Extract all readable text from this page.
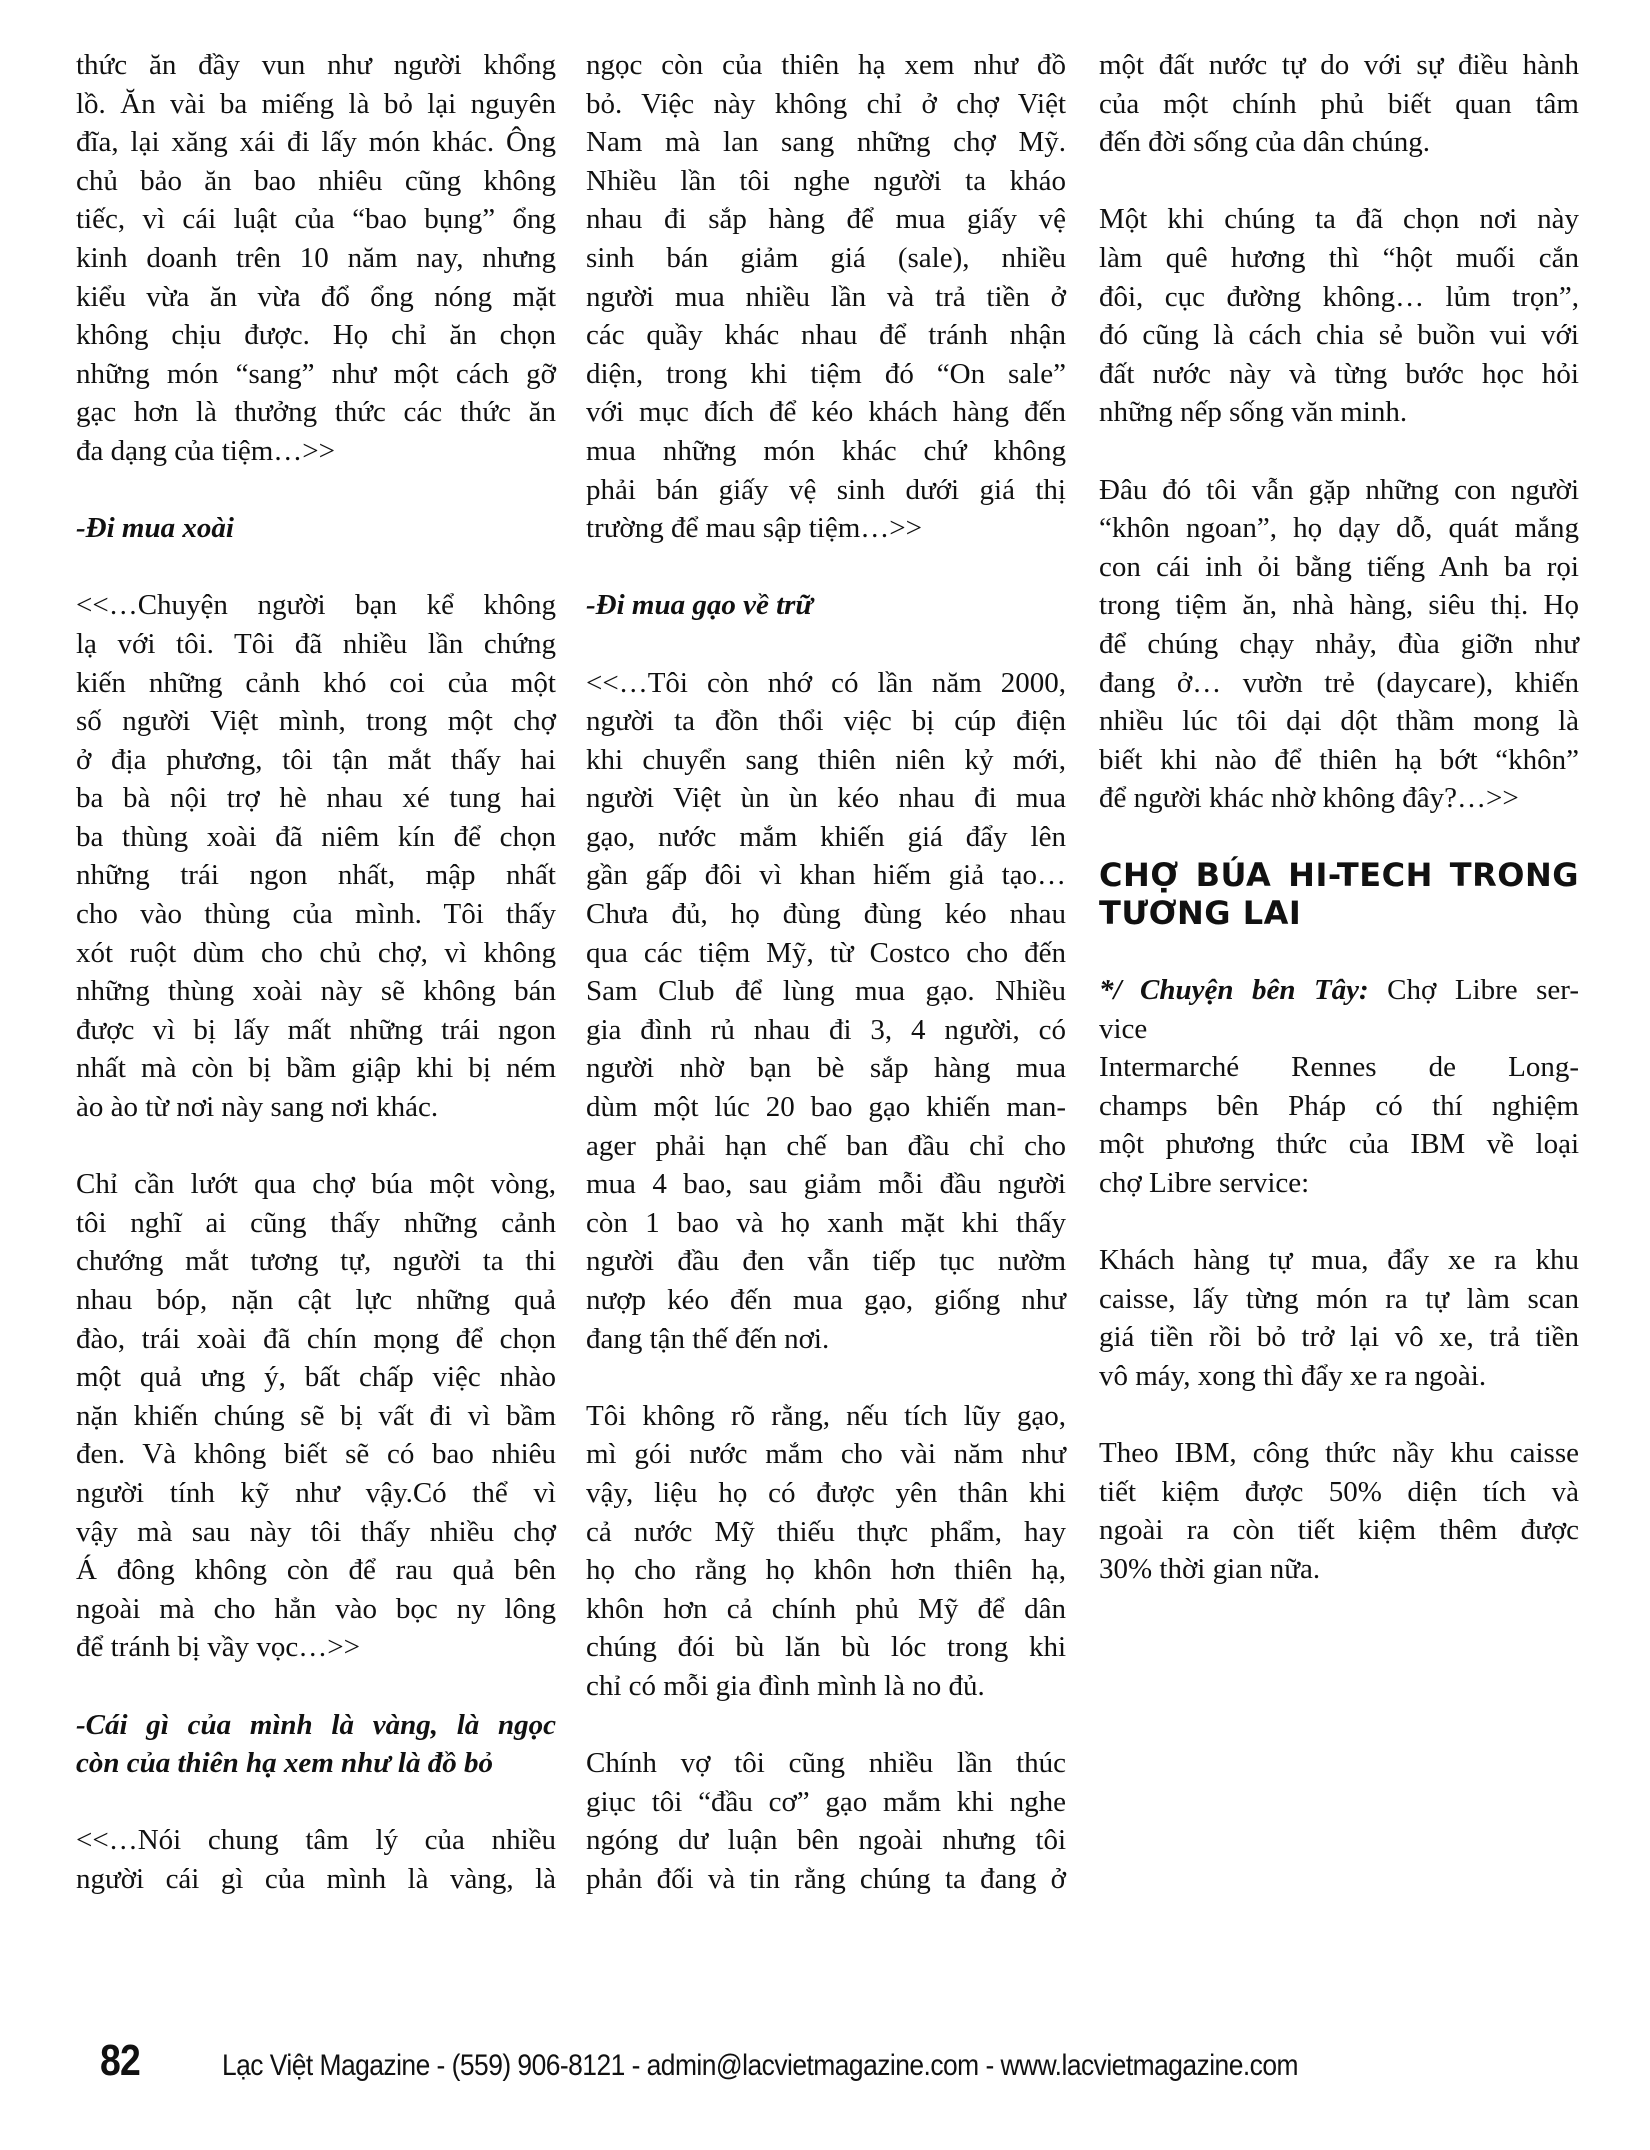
thức ăn đầy vun như người khổng
lồ. Ăn vài ba miếng là bỏ lại nguyên
đĩa, lại xăng xái đi lấy món khác. Ông
chủ bảo ăn bao nhiêu cũng không
tiếc, vì cái luật của “bao bụng” ổng
kinh doanh trên 10 năm nay, nhưng
kiểu vừa ăn vừa đổ ổng nóng mặt
không chịu được. Họ chỉ ăn chọn
những món “sang” như một cách gỡ
gạc hơn là thưởng thức các thức ăn
đa dạng của tiệm…>>
-Đi mua xoài
<<…Chuyện người bạn kể không
lạ với tôi. Tôi đã nhiều lần chứng
kiến những cảnh khó coi của một
số người Việt mình, trong một chợ
ở địa phương, tôi tận mắt thấy hai
ba bà nội trợ hè nhau xé tung hai
ba thùng xoài đã niêm kín để chọn
những trái ngon nhất, mập nhất
cho vào thùng của mình. Tôi thấy
xót ruột dùm cho chủ chợ, vì không
những thùng xoài này sẽ không bán
được vì bị lấy mất những trái ngon
nhất mà còn bị bầm giập khi bị ném
ào ào từ nơi này sang nơi khác.
Chỉ cần lướt qua chợ búa một vòng,
tôi nghĩ ai cũng thấy những cảnh
chướng mắt tương tự, người ta thi
nhau bóp, nặn cật lực những quả
đào, trái xoài đã chín mọng để chọn
một quả ưng ý, bất chấp việc nhào
nặn khiến chúng sẽ bị vất đi vì bầm
đen. Và không biết sẽ có bao nhiêu
người tính kỹ như vậy.Có thể vì
vậy mà sau này tôi thấy nhiều chợ
Á đông không còn để rau quả bên
ngoài mà cho hẳn vào bọc ny lông
để tránh bị vầy vọc…>>
-Cái gì của mình là vàng, là ngọc
còn của thiên hạ xem như là đồ bỏ
<<…Nói chung tâm lý của nhiều
người cái gì của mình là vàng, là
ngọc còn của thiên hạ xem như đồ
bỏ. Việc này không chỉ ở chợ Việt
Nam mà lan sang những chợ Mỹ.
Nhiều lần tôi nghe người ta kháo
nhau đi sắp hàng để mua giấy vệ
sinh bán giảm giá (sale), nhiều
người mua nhiều lần và trả tiền ở
các quầy khác nhau để tránh nhận
diện, trong khi tiệm đó “On sale”
với mục đích để kéo khách hàng đến
mua những món khác chứ không
phải bán giấy vệ sinh dưới giá thị
trường để mau sập tiệm…>>
-Đi mua gạo về trữ
<<…Tôi còn nhớ có lần năm 2000,
người ta đồn thổi việc bị cúp điện
khi chuyển sang thiên niên kỷ mới,
người Việt ùn ùn kéo nhau đi mua
gạo, nước mắm khiến giá đẩy lên
gần gấp đôi vì khan hiếm giả tạo…
Chưa đủ, họ đùng đùng kéo nhau
qua các tiệm Mỹ, từ Costco cho đến
Sam Club để lùng mua gạo. Nhiều
gia đình rủ nhau đi 3, 4 người, có
người nhờ bạn bè sắp hàng mua
dùm một lúc 20 bao gạo khiến man-
ager phải hạn chế ban đầu chỉ cho
mua 4 bao, sau giảm mỗi đầu người
còn 1 bao và họ xanh mặt khi thấy
người đầu đen vẫn tiếp tục nườm
nượp kéo đến mua gạo, giống như
đang tận thế đến nơi.
Tôi không rõ rằng, nếu tích lũy gạo,
mì gói nước mắm cho vài năm như
vậy, liệu họ có được yên thân khi
cả nước Mỹ thiếu thực phẩm, hay
họ cho rằng họ khôn hơn thiên hạ,
khôn hơn cả chính phủ Mỹ để dân
chúng đói bù lăn bù lóc trong khi
chỉ có mỗi gia đình mình là no đủ.
Chính vợ tôi cũng nhiều lần thúc
giục tôi “đầu cơ” gạo mắm khi nghe
ngóng dư luận bên ngoài nhưng tôi
phản đối và tin rằng chúng ta đang ở
một đất nước tự do với sự điều hành
của một chính phủ biết quan tâm
đến đời sống của dân chúng.
Một khi chúng ta đã chọn nơi này
làm quê hương thì “hột muối cắn
đôi, cục đường không… lủm trọn”,
đó cũng là cách chia sẻ buồn vui với
đất nước này và từng bước học hỏi
những nếp sống văn minh.
Đâu đó tôi vẫn gặp những con người
“khôn ngoan”, họ dạy dỗ, quát mắng
con cái inh ỏi bằng tiếng Anh ba rọi
trong tiệm ăn, nhà hàng, siêu thị. Họ
để chúng chạy nhảy, đùa giỡn như
đang ở… vườn trẻ (daycare), khiến
nhiều lúc tôi dại dột thầm mong là
biết khi nào để thiên hạ bớt “khôn”
để người khác nhờ không đây?…>>
CHỢ BÚA HI-TECH TRONG
TƯƠNG LAI
*/ Chuyện bên Tây: Chợ Libre ser-
vice
Intermarché Rennes de Long-
champs bên Pháp có thí nghiệm
một phương thức của IBM về loại
chợ Libre service:
Khách hàng tự mua, đẩy xe ra khu
caisse, lấy từng món ra tự làm scan
giá tiền rồi bỏ trở lại vô xe, trả tiền
vô máy, xong thì đẩy xe ra ngoài.
Theo IBM, công thức nầy khu caisse
tiết kiệm được 50% diện tích và
ngoài ra còn tiết kiệm thêm được
30% thời gian nữa.
82	Lạc Việt Magazine - (559) 906-8121 - admin@lacvietmagazine.com - www.lacvietmagazine.com
